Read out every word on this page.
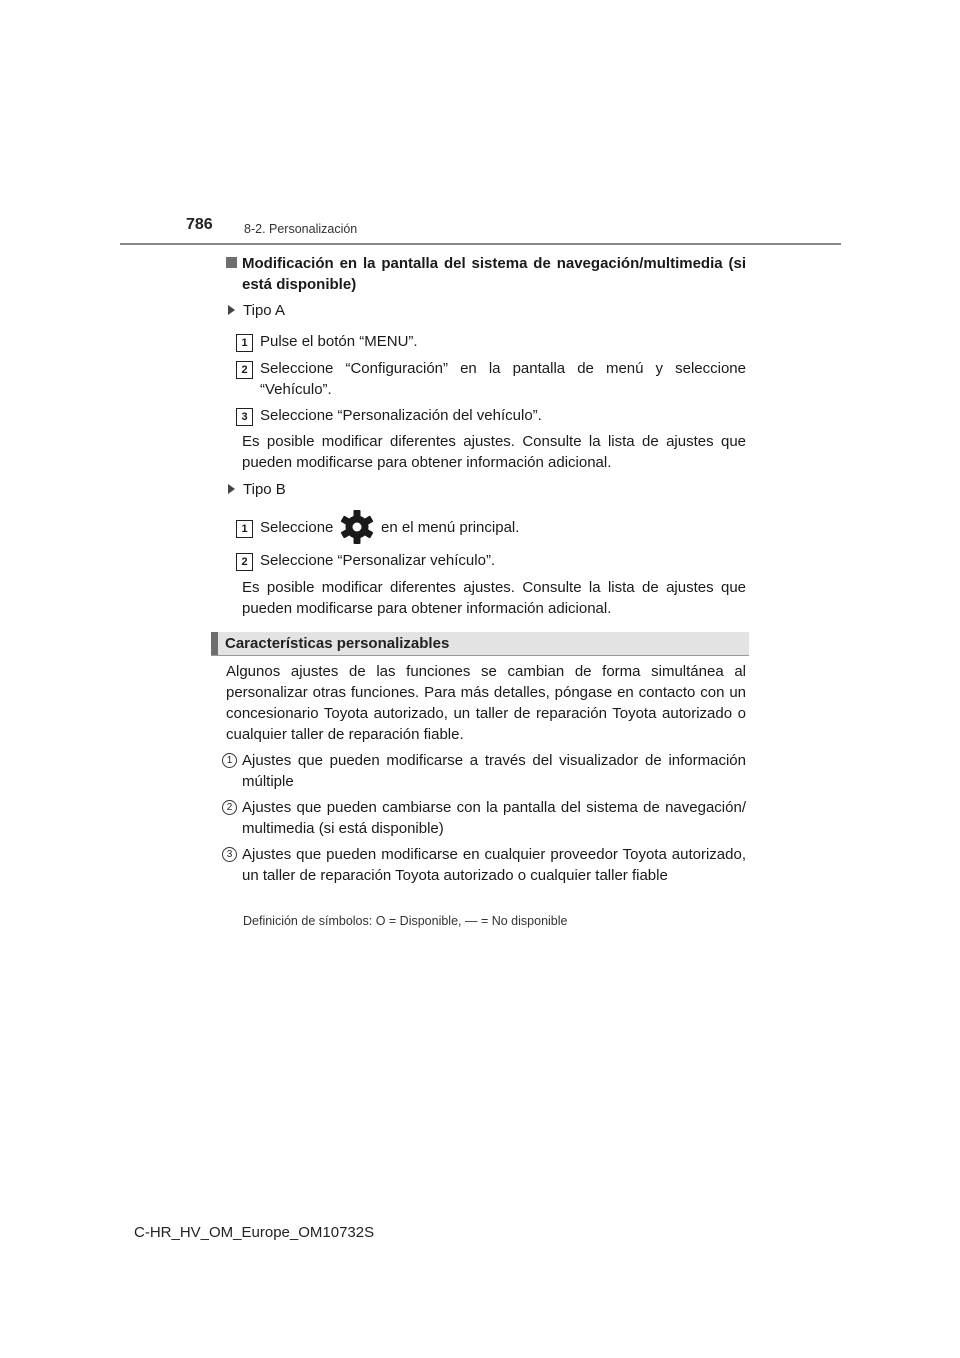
786	8-2. Personalización
Modificación en la pantalla del sistema de navegación/multimedia (si está disponible)
Tipo A
1 Pulse el botón “MENU”.
2 Seleccione “Configuración” en la pantalla de menú y seleccione “Vehículo”.
3 Seleccione “Personalización del vehículo”.
Es posible modificar diferentes ajustes. Consulte la lista de ajustes que pueden modificarse para obtener información adicional.
Tipo B
1 Seleccione	en el menú principal.
2 Seleccione “Personalizar vehículo”.
Es posible modificar diferentes ajustes. Consulte la lista de ajustes que pueden modificarse para obtener información adicional.
Características personalizables
Algunos ajustes de las funciones se cambian de forma simultánea al personalizar otras funciones. Para más detalles, póngase en contacto con un concesionario Toyota autorizado, un taller de reparación Toyota autorizado o cualquier taller de reparación fiable.
1 Ajustes que pueden modificarse a través del visualizador de información múltiple
2 Ajustes que pueden cambiarse con la pantalla del sistema de navegación/ multimedia (si está disponible)
3 Ajustes que pueden modificarse en cualquier proveedor Toyota autorizado, un taller de reparación Toyota autorizado o cualquier taller fiable
Definición de símbolos: O = Disponible, — = No disponible
C-HR_HV_OM_Europe_OM10732S
